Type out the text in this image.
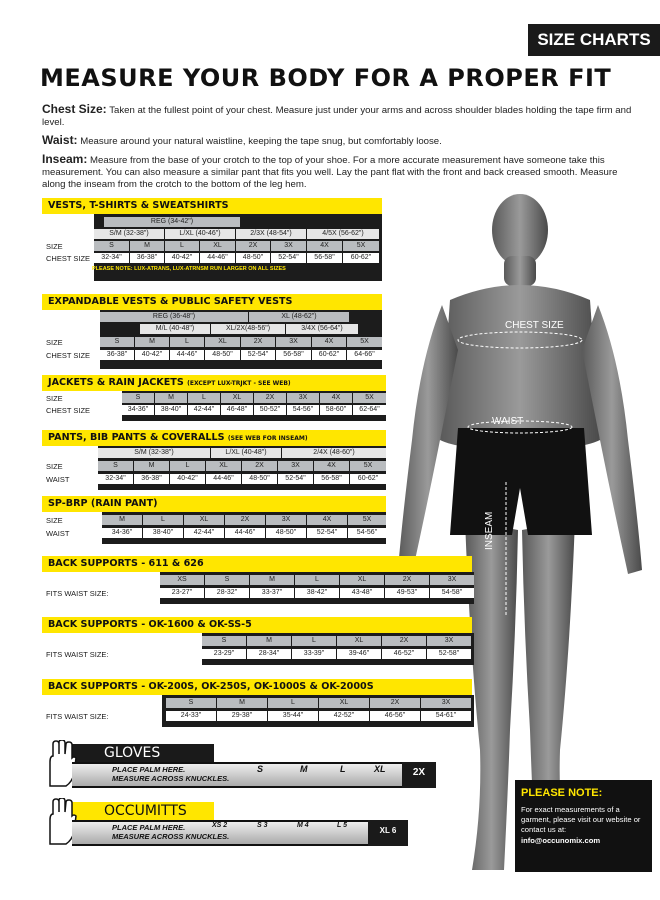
SIZE CHARTS
MEASURE YOUR BODY FOR A PROPER FIT

Chest Size: Taken at the fullest point of your chest. Measure just under your arms and across shoulder blades holding the tape firm and level.

Waist: Measure around your natural waistline, keeping the tape snug, but comfortably loose.

Inseam: Measure from the base of your crotch to the top of your shoe. For a more accurate measurement have someone take this measurement. You can also measure a similar pant that fits you well. Lay the pant flat with the front and back creased smooth. Measure along the inseam from the crotch to the bottom of the leg hem.

CHEST SIZE
WAIST
INSEAM
VESTS, T-SHIRTS & SWEATSHIRTS
REG (34-42")
S/M (32-38")	L/XL (40-46")	2/3X (48-54")	4/5X (56-62")
SIZE	S	M	L	XL	2X	3X	4X	5X
CHEST SIZE	32-34"	36-38"	40-42"	44-46"	48-50"	52-54"	56-58"	60-62"
PLEASE NOTE: LUX-ATRANS, LUX-ATRNSM RUN LARGER ON ALL SIZES
EXPANDABLE VESTS & PUBLIC SAFETY VESTS
REG (36-48")	XL (48-62")
M/L (40-48")	XL/2X(48-56")	3/4X (56-64")
SIZE	S	M	L	XL	2X	3X	4X	5X
CHEST SIZE	36-38"	40-42"	44-46"	48-50"	52-54"	56-58"	60-62"	64-66"
JACKETS & RAIN JACKETS (EXCEPT LUX-TRJKT - SEE WEB)
SIZE	S	M	L	XL	2X	3X	4X	5X
CHEST SIZE	34-36"	38-40"	42-44"	46-48"	50-52"	54-56"	58-60"	62-64"
PANTS, BIB PANTS & COVERALLS (SEE WEB FOR INSEAM)
S/M (32-38")	L/XL (40-48")	2/4X (48-60")
SIZE	S	M	L	XL	2X	3X	4X	5X
WAIST	32-34"	36-38"	40-42"	44-46"	48-50"	52-54"	56-58"	60-62"
SP-BRP (RAIN PANT)
SIZE	M	L	XL	2X	3X	4X	5X
WAIST	34-36"	38-40"	42-44"	44-46"	48-50"	52-54"	54-56"
BACK SUPPORTS - 611 & 626
XS	S	M	L	XL	2X	3X
FITS WAIST SIZE:	23-27"	28-32"	33-37"	38-42"	43-48"	49-53"	54-58"
BACK SUPPORTS - OK-1600 & OK-SS-5
S	M	L	XL	2X	3X
FITS WAIST SIZE:	23-29"	28-34"	33-39"	39-46"	46-52"	52-58"
BACK SUPPORTS - OK-200S, OK-250S, OK-1000S & OK-2000S
S	M	L	XL	2X	3X
FITS WAIST SIZE:	24-33"	29-38"	35-44"	42-52"	46-56"	54-61"
GLOVES
PLACE PALM HERE.
MEASURE ACROSS KNUCKLES.
S	M	L	XL	2X
OCCUMITTS
PLACE PALM HERE.
MEASURE ACROSS KNUCKLES.
XS 2	S 3	M 4	L 5
XL 6
PLEASE NOTE:
For exact measurements of a garment, please visit our website or contact us at:
info@occunomix.com
